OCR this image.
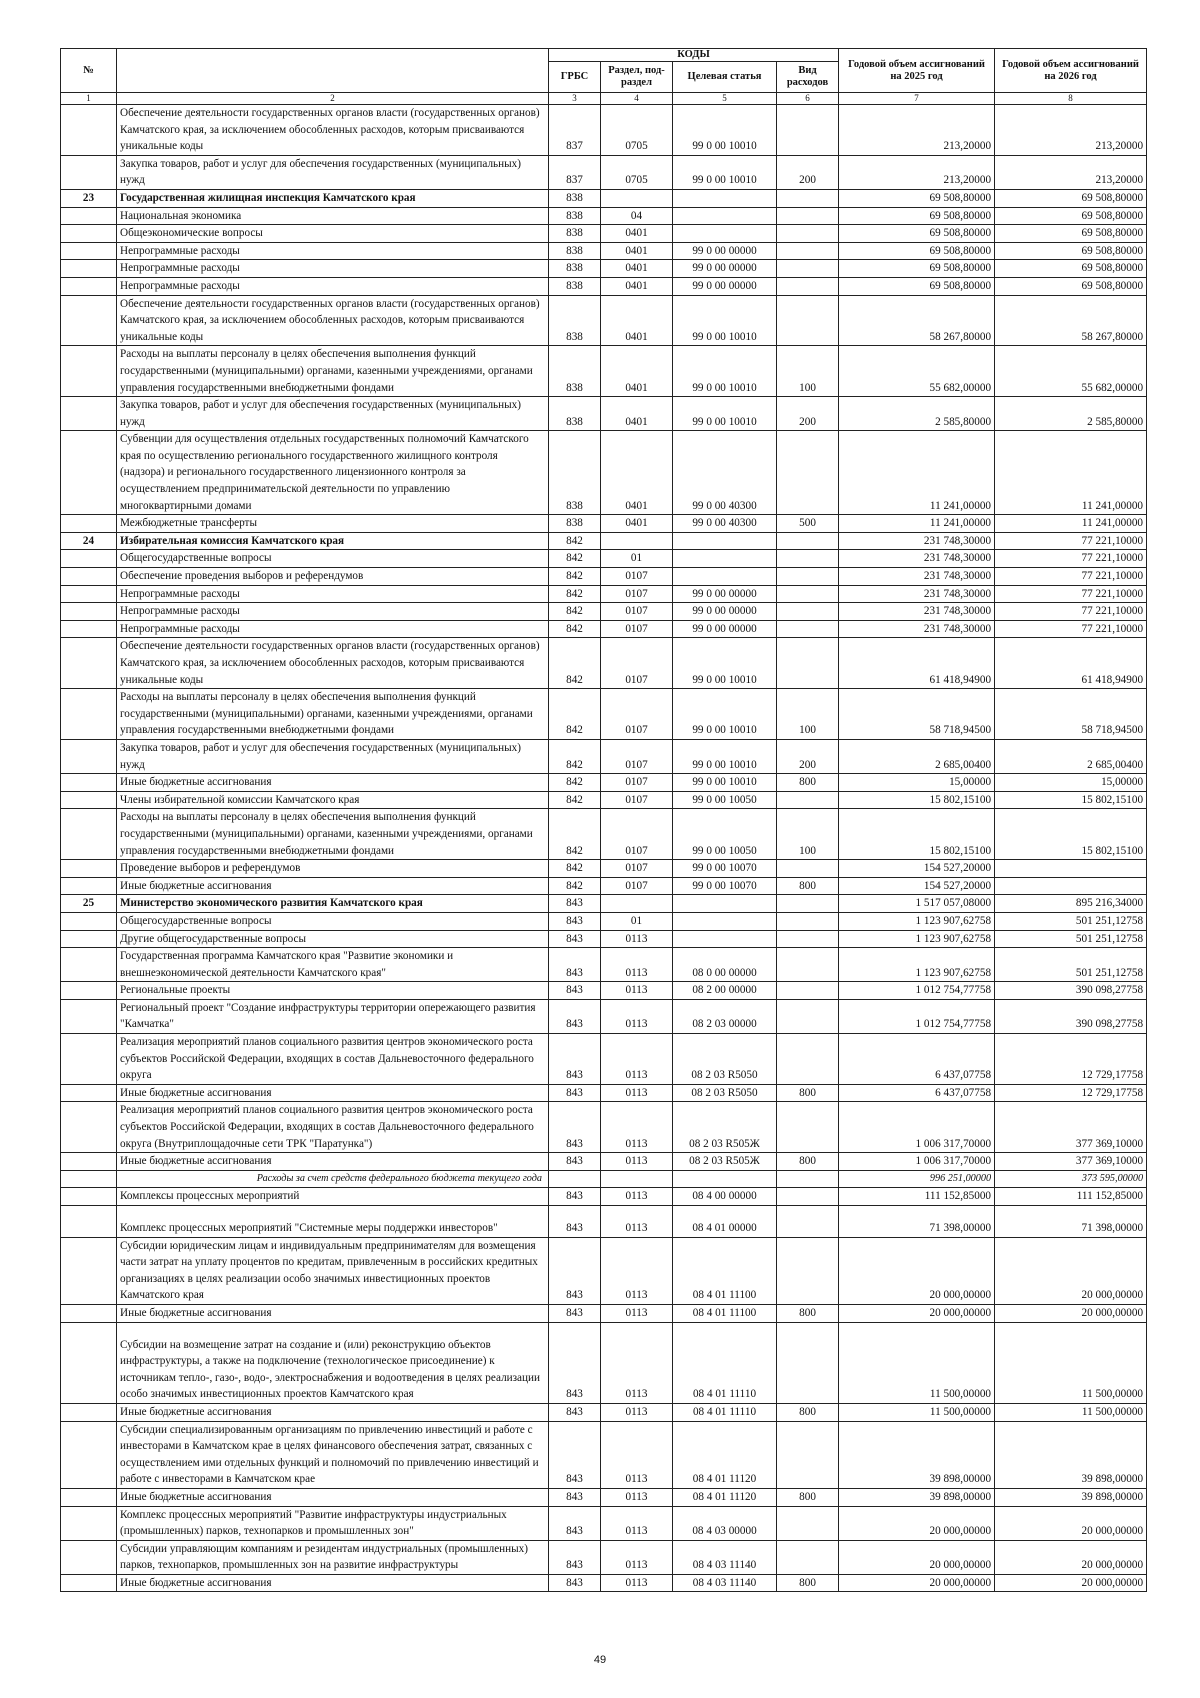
№		КОДЫ				Годовой объем ассигнований на 2025 год	Годовой объем ассигнований на 2026 год
		ГРБС	Раздел, под-раздел	Целевая статья	Вид расходов		
1	2	3	4	5	6	7	8
	Обеспечение деятельности государственных органов власти (государственных органов) Камчатского края, за исключением обособленных расходов, которым присваиваются уникальные коды	837	0705	99 0 00 10010		213,20000	213,20000
	Закупка товаров, работ и услуг для обеспечения государственных (муниципальных) нужд	837	0705	99 0 00 10010	200	213,20000	213,20000
23	Государственная жилищная инспекция Камчатского края	838				69 508,80000	69 508,80000
	Национальная экономика	838	04			69 508,80000	69 508,80000
	Общеэкономические вопросы	838	0401			69 508,80000	69 508,80000
	Непрограммные расходы	838	0401	99 0 00 00000		69 508,80000	69 508,80000
	Непрограммные расходы	838	0401	99 0 00 00000		69 508,80000	69 508,80000
	Непрограммные расходы	838	0401	99 0 00 00000		69 508,80000	69 508,80000
	Обеспечение деятельности государственных органов власти (государственных органов) Камчатского края, за исключением обособленных расходов, которым присваиваются уникальные коды	838	0401	99 0 00 10010		58 267,80000	58 267,80000
	Расходы на выплаты персоналу в целях обеспечения выполнения функций государственными (муниципальными) органами, казенными учреждениями, органами управления государственными внебюджетными фондами	838	0401	99 0 00 10010	100	55 682,00000	55 682,00000
	Закупка товаров, работ и услуг для обеспечения государственных (муниципальных) нужд	838	0401	99 0 00 10010	200	2 585,80000	2 585,80000
	Субвенции для осуществления отдельных государственных полномочий Камчатского края по осуществлению регионального государственного жилищного контроля (надзора) и регионального государственного лицензионного контроля за осуществлением предпринимательской деятельности по управлению многоквартирными домами	838	0401	99 0 00 40300		11 241,00000	11 241,00000
	Межбюджетные трансферты	838	0401	99 0 00 40300	500	11 241,00000	11 241,00000
24	Избирательная комиссия Камчатского края	842				231 748,30000	77 221,10000
	Общегосударственные вопросы	842	01			231 748,30000	77 221,10000
	Обеспечение проведения выборов и референдумов	842	0107			231 748,30000	77 221,10000
	Непрограммные расходы	842	0107	99 0 00 00000		231 748,30000	77 221,10000
	Непрограммные расходы	842	0107	99 0 00 00000		231 748,30000	77 221,10000
	Непрограммные расходы	842	0107	99 0 00 00000		231 748,30000	77 221,10000
	Обеспечение деятельности государственных органов власти (государственных органов) Камчатского края, за исключением обособленных расходов, которым присваиваются уникальные коды	842	0107	99 0 00 10010		61 418,94900	61 418,94900
	Расходы на выплаты персоналу в целях обеспечения выполнения функций государственными (муниципальными) органами, казенными учреждениями, органами управления государственными внебюджетными фондами	842	0107	99 0 00 10010	100	58 718,94500	58 718,94500
	Закупка товаров, работ и услуг для обеспечения государственных (муниципальных) нужд	842	0107	99 0 00 10010	200	2 685,00400	2 685,00400
	Иные бюджетные ассигнования	842	0107	99 0 00 10010	800	15,00000	15,00000
	Члены избирательной комиссии Камчатского края	842	0107	99 0 00 10050		15 802,15100	15 802,15100
	Расходы на выплаты персоналу в целях обеспечения выполнения функций государственными (муниципальными) органами, казенными учреждениями, органами управления государственными внебюджетными фондами	842	0107	99 0 00 10050	100	15 802,15100	15 802,15100
	Проведение выборов и референдумов	842	0107	99 0 00 10070		154 527,20000	
	Иные бюджетные ассигнования	842	0107	99 0 00 10070	800	154 527,20000	
25	Министерство экономического развития Камчатского края	843				1 517 057,08000	895 216,34000
	Общегосударственные вопросы	843	01			1 123 907,62758	501 251,12758
	Другие общегосударственные вопросы	843	0113			1 123 907,62758	501 251,12758
	Государственная программа Камчатского края "Развитие экономики и внешнеэкономической деятельности Камчатского края"	843	0113	08 0 00 00000		1 123 907,62758	501 251,12758
	Региональные проекты	843	0113	08 2 00 00000		1 012 754,77758	390 098,27758
	Региональный проект "Создание инфраструктуры территории опережающего развития "Камчатка"	843	0113	08 2 03 00000		1 012 754,77758	390 098,27758
	Реализация мероприятий планов социального развития центров экономического роста субъектов Российской Федерации, входящих в состав Дальневосточного федерального округа	843	0113	08 2 03 R5050		6 437,07758	12 729,17758
	Иные бюджетные ассигнования	843	0113	08 2 03 R5050	800	6 437,07758	12 729,17758
	Реализация мероприятий планов социального развития центров экономического роста субъектов Российской Федерации, входящих в состав Дальневосточного федерального округа (Внутриплощадочные сети ТРК "Паратунка")	843	0113	08 2 03 R505Ж		1 006 317,70000	377 369,10000
	Иные бюджетные ассигнования	843	0113	08 2 03 R505Ж	800	1 006 317,70000	377 369,10000
	Расходы за счет средств федерального бюджета текущего года					996 251,00000	373 595,00000
	Комплексы процессных мероприятий	843	0113	08 4 00 00000		111 152,85000	111 152,85000
	Комплекс процессных мероприятий "Системные меры поддержки инвесторов"	843	0113	08 4 01 00000		71 398,00000	71 398,00000
	Субсидии юридическим лицам и индивидуальным предпринимателям для возмещения части затрат на уплату процентов по кредитам, привлеченным в российских кредитных организациях в целях реализации особо значимых инвестиционных проектов Камчатского края	843	0113	08 4 01 11100		20 000,00000	20 000,00000
	Иные бюджетные ассигнования	843	0113	08 4 01 11100	800	20 000,00000	20 000,00000
	Субсидии на возмещение затрат на создание и (или) реконструкцию объектов инфраструктуры, а также на подключение (технологическое присоединение) к источникам тепло-, газо-, водо-, электроснабжения и водоотведения в целях реализации особо значимых инвестиционных проектов Камчатского края	843	0113	08 4 01 11110		11 500,00000	11 500,00000
	Иные бюджетные ассигнования	843	0113	08 4 01 11110	800	11 500,00000	11 500,00000
	Субсидии специализированным организациям по привлечению инвестиций и работе с инвесторами в Камчатском крае в целях финансового обеспечения затрат, связанных с осуществлением ими отдельных функций и полномочий по привлечению инвестиций и работе с инвесторами в Камчатском крае	843	0113	08 4 01 11120		39 898,00000	39 898,00000
	Иные бюджетные ассигнования	843	0113	08 4 01 11120	800	39 898,00000	39 898,00000
	Комплекс процессных мероприятий "Развитие инфраструктуры индустриальных (промышленных) парков, технопарков и промышленных зон"	843	0113	08 4 03 00000		20 000,00000	20 000,00000
	Субсидии управляющим компаниям и резидентам индустриальных (промышленных) парков, технопарков, промышленных зон на развитие инфраструктуры	843	0113	08 4 03 11140		20 000,00000	20 000,00000
	Иные бюджетные ассигнования	843	0113	08 4 03 11140	800	20 000,00000	20 000,00000
49
